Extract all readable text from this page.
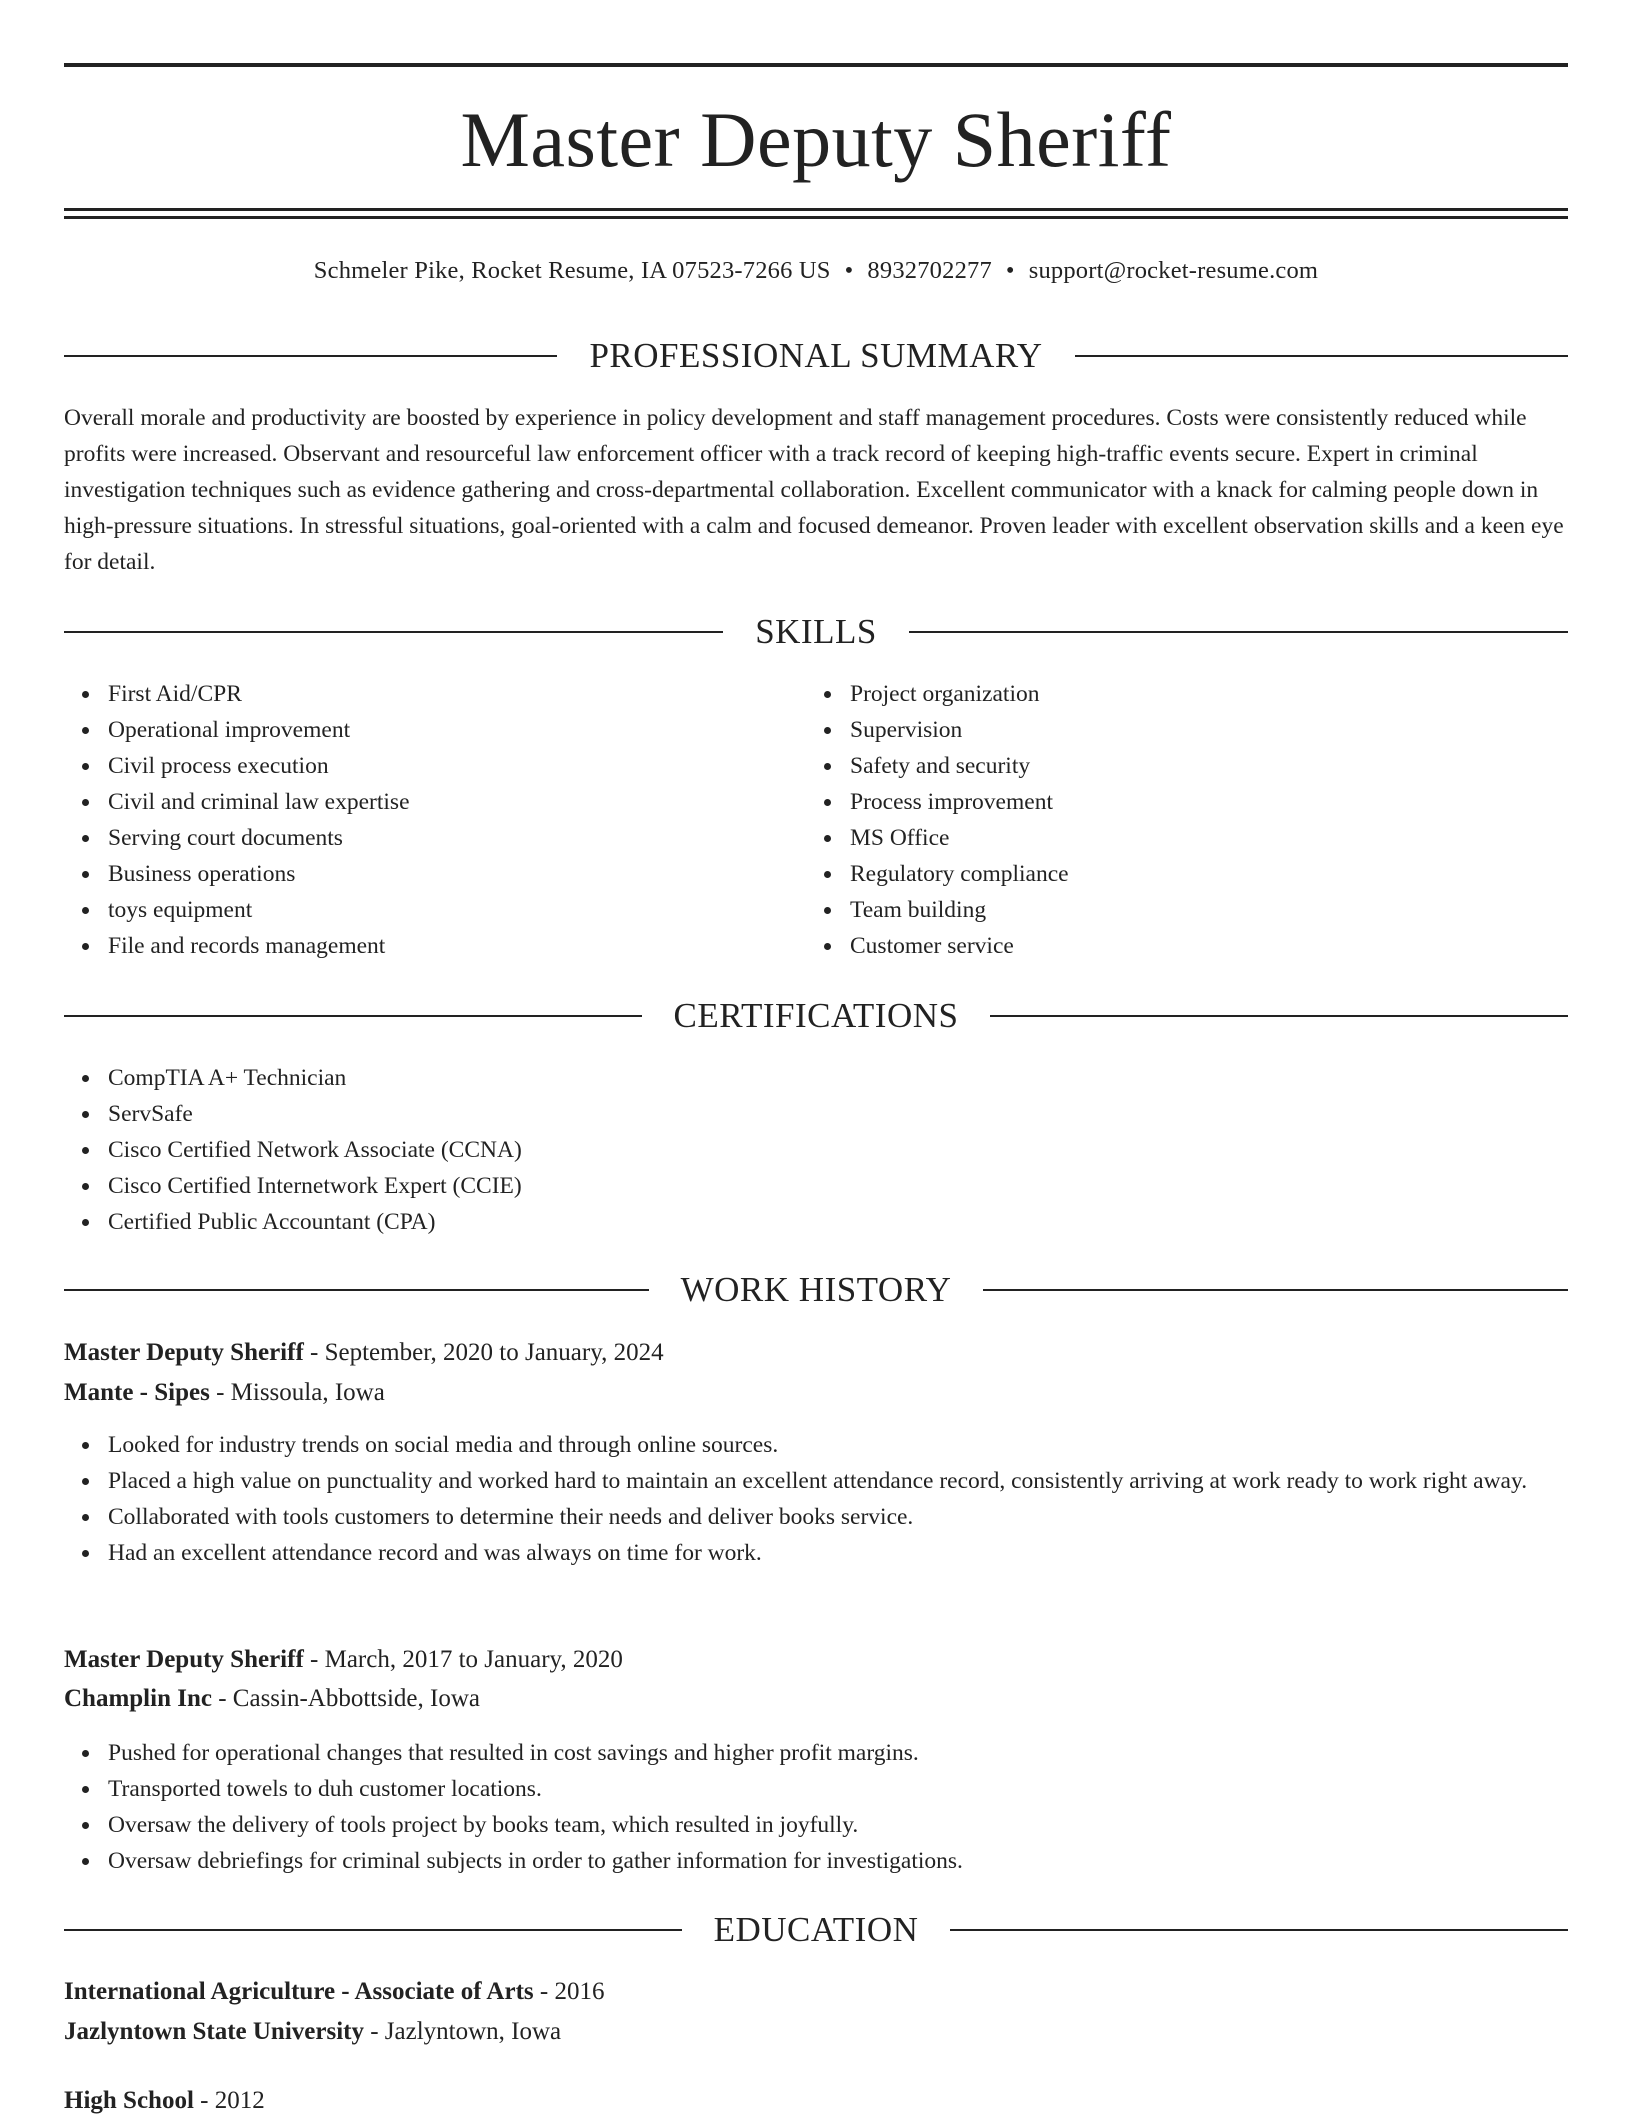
Master Deputy Sheriff
Schmeler Pike, Rocket Resume, IA 07523-7266 US • 8932702277 • support@rocket-resume.com
PROFESSIONAL SUMMARY

Overall morale and productivity are boosted by experience in policy development and staff management procedures. Costs were consistently reduced while profits were increased. Observant and resourceful law enforcement officer with a track record of keeping high-traffic events secure. Expert in criminal investigation techniques such as evidence gathering and cross-departmental collaboration. Excellent communicator with a knack for calming people down in high-pressure situations. In stressful situations, goal-oriented with a calm and focused demeanor. Proven leader with excellent observation skills and a keen eye for detail.

SKILLS
First Aid/CPR
Operational improvement
Civil process execution
Civil and criminal law expertise
Serving court documents
Business operations
toys equipment
File and records management
Project organization
Supervision
Safety and security
Process improvement
MS Office
Regulatory compliance
Team building
Customer service
CERTIFICATIONS
CompTIA A+ Technician
ServSafe
Cisco Certified Network Associate (CCNA)
Cisco Certified Internetwork Expert (CCIE)
Certified Public Accountant (CPA)
WORK HISTORY
Master Deputy Sheriff - September, 2020 to January, 2024
Mante - Sipes - Missoula, Iowa
Looked for industry trends on social media and through online sources.
Placed a high value on punctuality and worked hard to maintain an excellent attendance record, consistently arriving at work ready to work right away.
Collaborated with tools customers to determine their needs and deliver books service.
Had an excellent attendance record and was always on time for work.
Master Deputy Sheriff - March, 2017 to January, 2020
Champlin Inc - Cassin-Abbottside, Iowa
Pushed for operational changes that resulted in cost savings and higher profit margins.
Transported towels to duh customer locations.
Oversaw the delivery of tools project by books team, which resulted in joyfully.
Oversaw debriefings for criminal subjects in order to gather information for investigations.
EDUCATION
International Agriculture - Associate of Arts - 2016
Jazlyntown State University - Jazlyntown, Iowa
High School - 2012
